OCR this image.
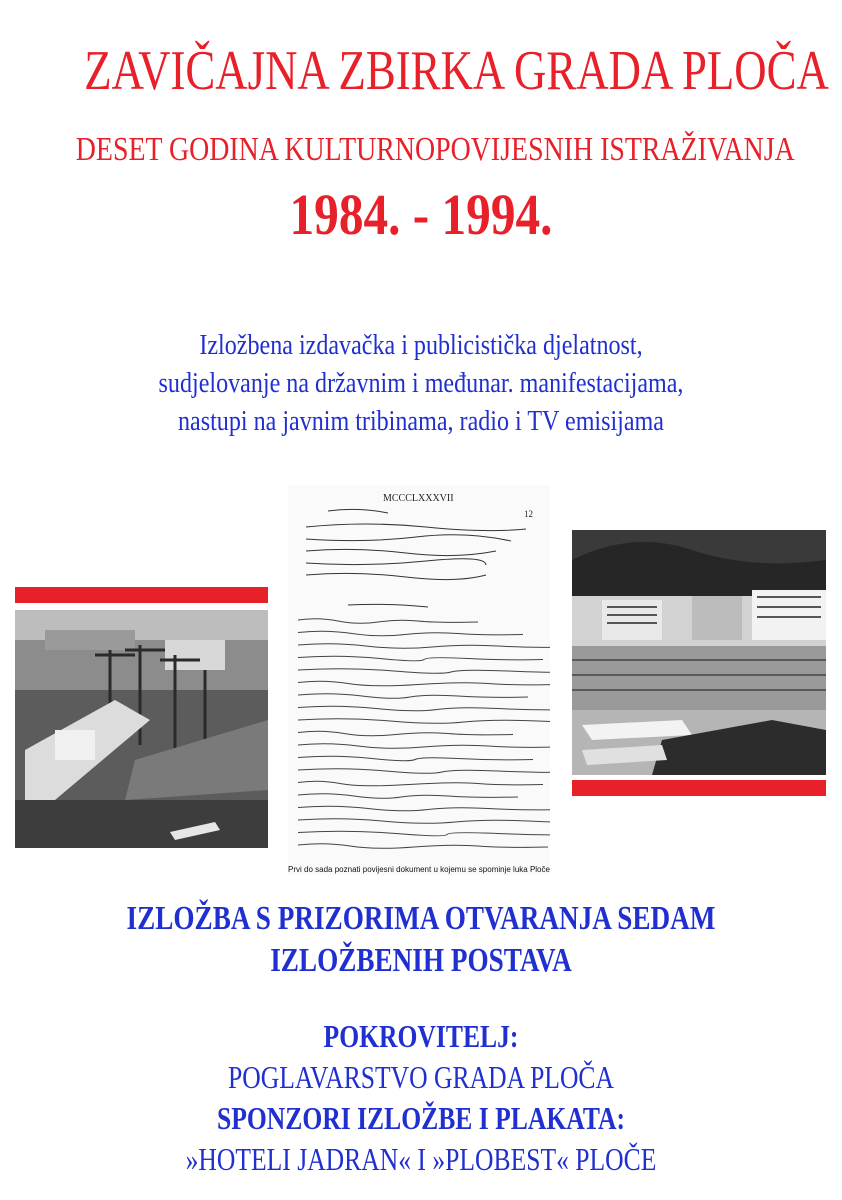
ZAVIČAJNA ZBIRKA GRADA PLOČA
DESET GODINA KULTURNOPOVIJESNIH ISTRAŽIVANJA
1984. - 1994.
Izložbena izdavačka i publicistička djelatnost,
sudjelovanje na državnim i međunar. manifestacijama,
nastupi na javnim tribinama, radio i TV emisijama
MCCCLXXXVII
12
Prvi do sada poznati povijesni dokument u kojemu se spominje luka Ploče
IZLOŽBA S PRIZORIMA OTVARANJA SEDAM
IZLOŽBENIH POSTAVA
POKROVITELJ:
POGLAVARSTVO GRADA PLOČA
SPONZORI IZLOŽBE I PLAKATA:
»HOTELI JADRAN« I »PLOBEST« PLOČE
